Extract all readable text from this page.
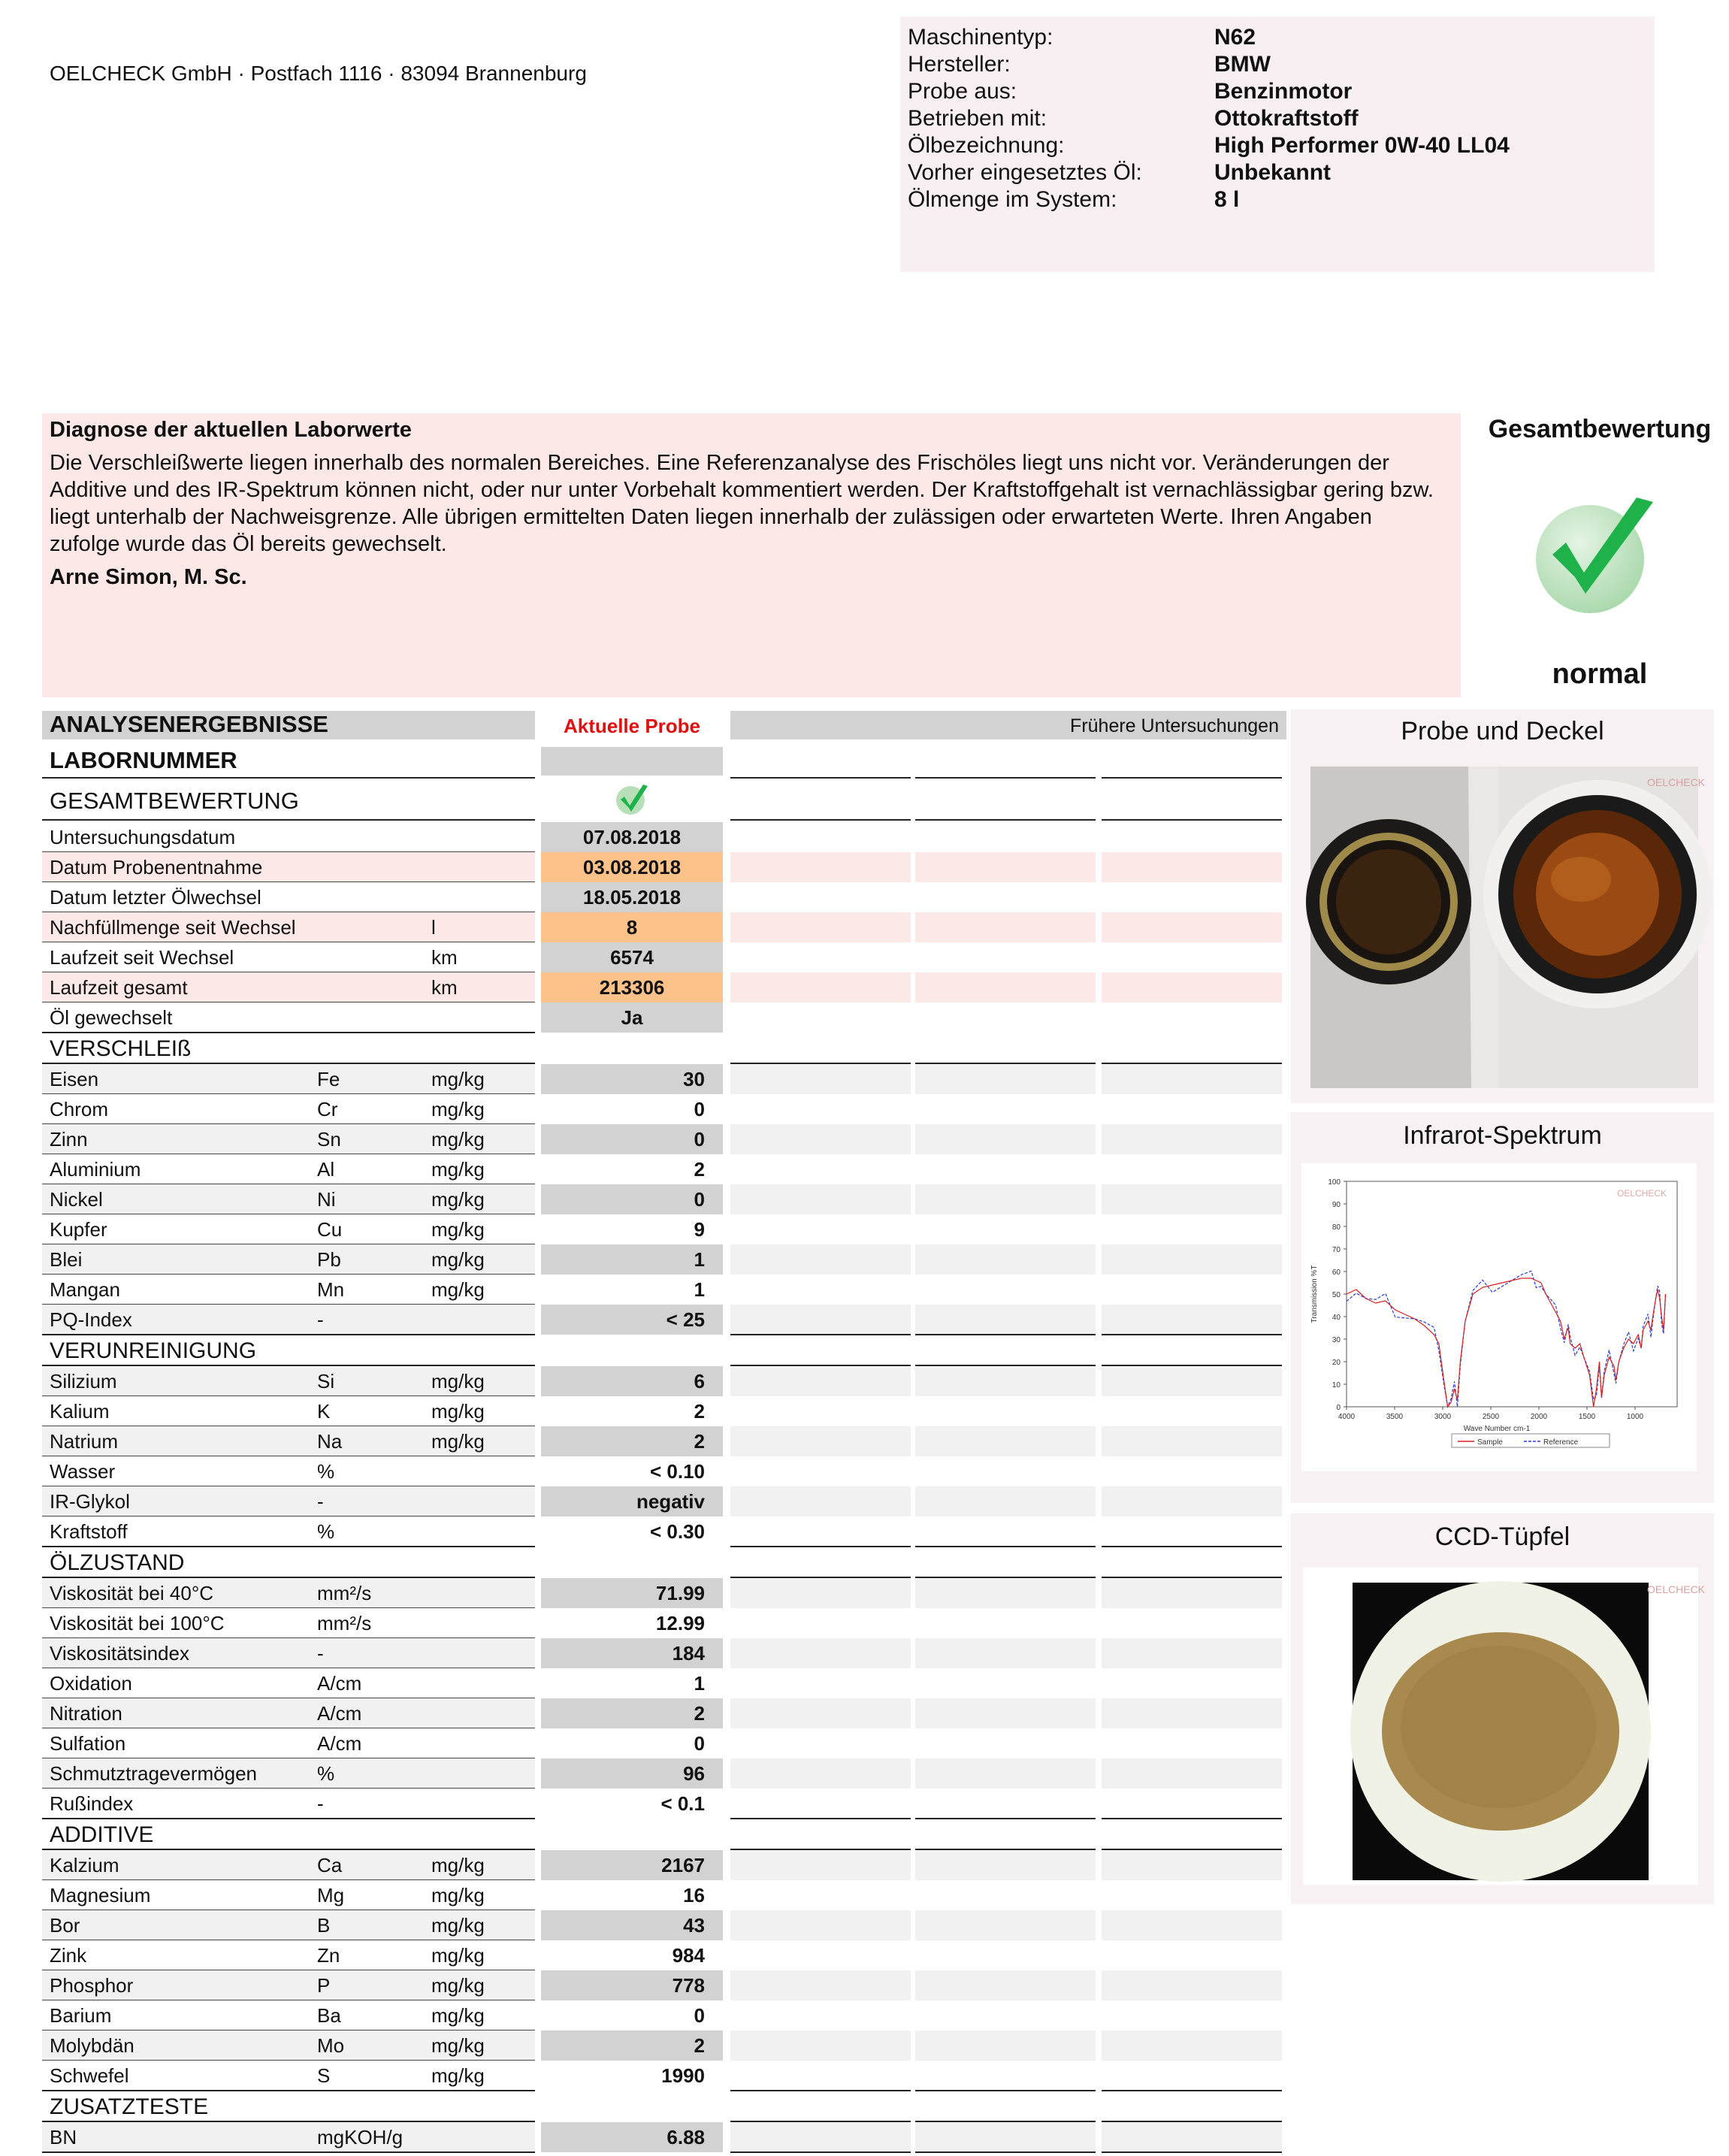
OELCHECK GmbH · Postfach 1116 · 83094 Brannenburg
Maschinentyp:	N62
Hersteller:	BMW
Probe aus:	Benzinmotor
Betrieben mit:	Ottokraftstoff
Ölbezeichnung:	High Performer 0W-40 LL04
Vorher eingesetztes Öl:	Unbekannt
Ölmenge im System:	8 l
Diagnose der aktuellen Laborwerte
Die Verschleißwerte liegen innerhalb des normalen Bereiches. Eine Referenzanalyse des Frischöles liegt uns nicht vor. Veränderungen der Additive und des IR-Spektrum können nicht, oder nur unter Vorbehalt kommentiert werden. Der Kraftstoffgehalt ist vernachlässigbar gering bzw. liegt unterhalb der Nachweisgrenze. Alle übrigen ermittelten Daten liegen innerhalb der zulässigen oder erwarteten Werte. Ihren Angaben zufolge wurde das Öl bereits gewechselt.
Arne Simon, M. Sc.
Gesamtbewertung
normal
ANALYSENERGEBNISSE	Aktuelle Probe	Frühere Untersuchungen
LABORNUMMER
GESAMTBEWERTUNG
Untersuchungsdatum	07.08.2018
Datum Probenentnahme	03.08.2018
Datum letzter Ölwechsel	18.05.2018
Nachfüllmenge seit Wechsel	l	8
Laufzeit seit Wechsel	km	6574
Laufzeit gesamt	km	213306
Öl gewechselt	Ja
VERSCHLEIß
Eisen	Fe	mg/kg	30
Chrom	Cr	mg/kg	0
Zinn	Sn	mg/kg	0
Aluminium	Al	mg/kg	2
Nickel	Ni	mg/kg	0
Kupfer	Cu	mg/kg	9
Blei	Pb	mg/kg	1
Mangan	Mn	mg/kg	1
PQ-Index	-	< 25
VERUNREINIGUNG
Silizium	Si	mg/kg	6
Kalium	K	mg/kg	2
Natrium	Na	mg/kg	2
Wasser	%	< 0.10
IR-Glykol	-	negativ
Kraftstoff	%	< 0.30
ÖLZUSTAND
Viskosität bei 40°C	mm²/s	71.99
Viskosität bei 100°C	mm²/s	12.99
Viskositätsindex	-	184
Oxidation	A/cm	1
Nitration	A/cm	2
Sulfation	A/cm	0
Schmutztragevermögen	%	96
Rußindex	-	< 0.1
ADDITIVE
Kalzium	Ca	mg/kg	2167
Magnesium	Mg	mg/kg	16
Bor	B	mg/kg	43
Zink	Zn	mg/kg	984
Phosphor	P	mg/kg	778
Barium	Ba	mg/kg	0
Molybdän	Mo	mg/kg	2
Schwefel	S	mg/kg	1990
ZUSATZTESTE
BN	mgKOH/g	6.88
Probe und Deckel
OELCHECK
Infrarot-Spektrum
0
10
20
30
40
50
60
70
80
90
100
4000	3500	3000	2500	2000	1500	1000
Transmission %T
Wave Number cm-1
OELCHECK
Sample	Reference
CCD-Tüpfel
OELCHECK
